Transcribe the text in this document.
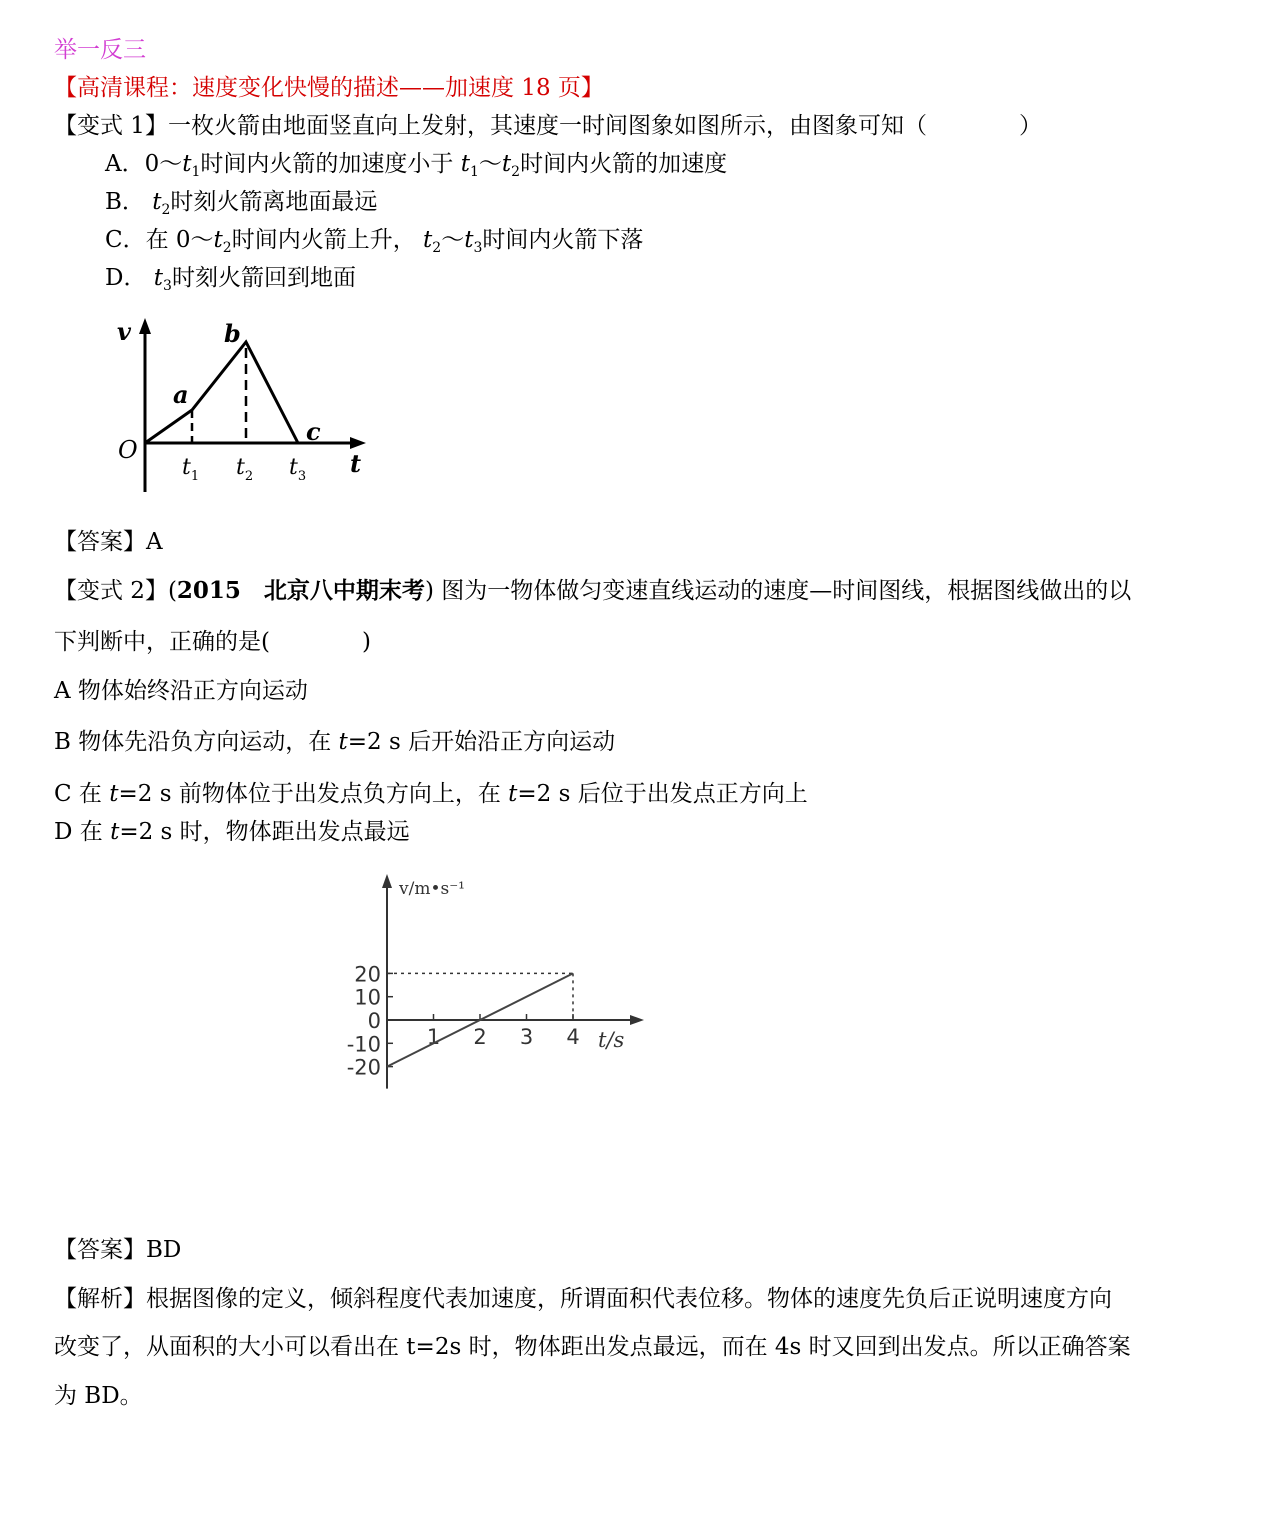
举一反三
【高清课程：速度变化快慢的描述——加速度 18 页】
【变式 1】一枚火箭由地面竖直向上发射，其速度一时间图象如图所示，由图象可知（　　　　）
A．$0\sim t_1$时间内火箭的加速度小于 $t_1\sim t_2$时间内火箭的加速度
B． $t_2$时刻火箭离地面最远
C．在 $0\sim t_2$时间内火箭上升， $t_2\sim t_3$时间内火箭下落
D． $t_3$时刻火箭回到地面
v
O
a
b
c
t
$t_1$ $t_2$ $t_3$
【答案】A
【变式 2】(2015　北京八中期末考) 图为一物体做匀变速直线运动的速度—时间图线，根据图线做出的以
下判断中，正确的是(　　　　)
A 物体始终沿正方向运动
B 物体先沿负方向运动，在 t=2 s 后开始沿正方向运动
C 在 t=2 s 前物体位于出发点负方向上，在 t=2 s 后位于出发点正方向上
D 在 t=2 s 时，物体距出发点最远
20
10
0
-10
-20
1 2 3 4
v/m•s⁻¹
t/s
【答案】BD
【解析】根据图像的定义，倾斜程度代表加速度，所谓面积代表位移。物体的速度先负后正说明速度方向
改变了，从面积的大小可以看出在 t=2s 时，物体距出发点最远，而在 4s 时又回到出发点。所以正确答案
为 BD。
